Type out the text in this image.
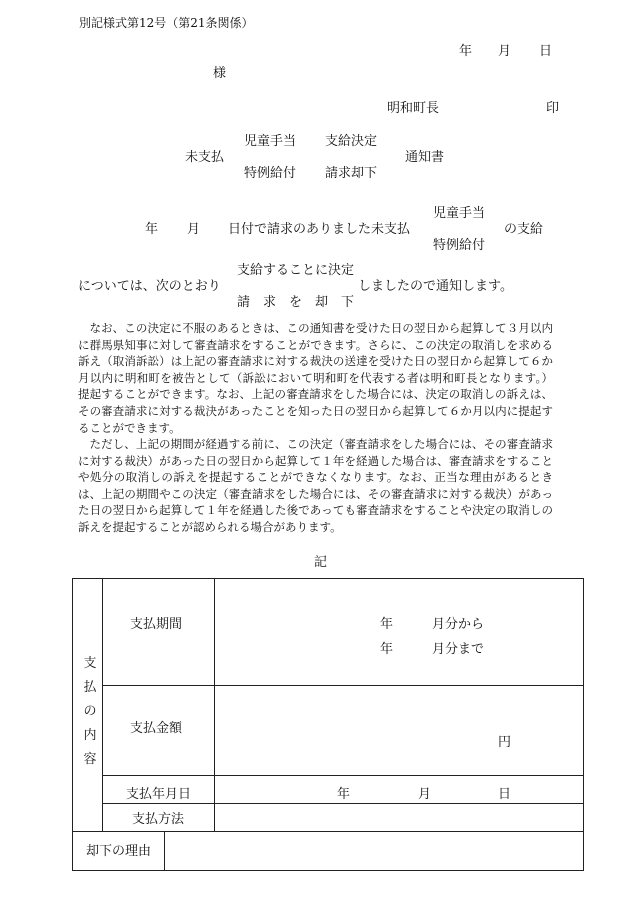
別記様式第12号（第21条関係）
年 月 日
様
明和町長	印
児童手当 支給決定
未支払	通知書
特例給付 請求却下
児童手当
年 月 日付で請求のありました未支払	の支給
特例給付
支給することに決定
については、次のとおり	しましたので通知します。
請　求　を　却　下
なお、この決定に不服のあるときは、この通知書を受けた日の翌日から起算して３月以内に群馬県知事に対して審査請求をすることができます。さらに、この決定の取消しを求める訴え（取消訴訟）は上記の審査請求に対する裁決の送達を受けた日の翌日から起算して６か月以内に明和町を被告として（訴訟において明和町を代表する者は明和町長となります。）提起することができます。なお、上記の審査請求をした場合には、決定の取消しの訴えは、その審査請求に対する裁決があったことを知った日の翌日から起算して６か月以内に提起することができます。
ただし、上記の期間が経過する前に、この決定（審査請求をした場合には、その審査請求に対する裁決）があった日の翌日から起算して１年を経過した場合は、審査請求をすることや処分の取消しの訴えを提起することができなくなります。なお、正当な理由があるときは、上記の期間やこの決定（審査請求をした場合には、その審査請求に対する裁決）があった日の翌日から起算して１年を経過した後であっても審査請求をすることや決定の取消しの訴えを提起することが認められる場合があります。
記
支
払
の
内
容
支払期間	年	月分から
年	月分まで
支払金額
円
支払年月日	年	月	日
支払方法
却下の理由
